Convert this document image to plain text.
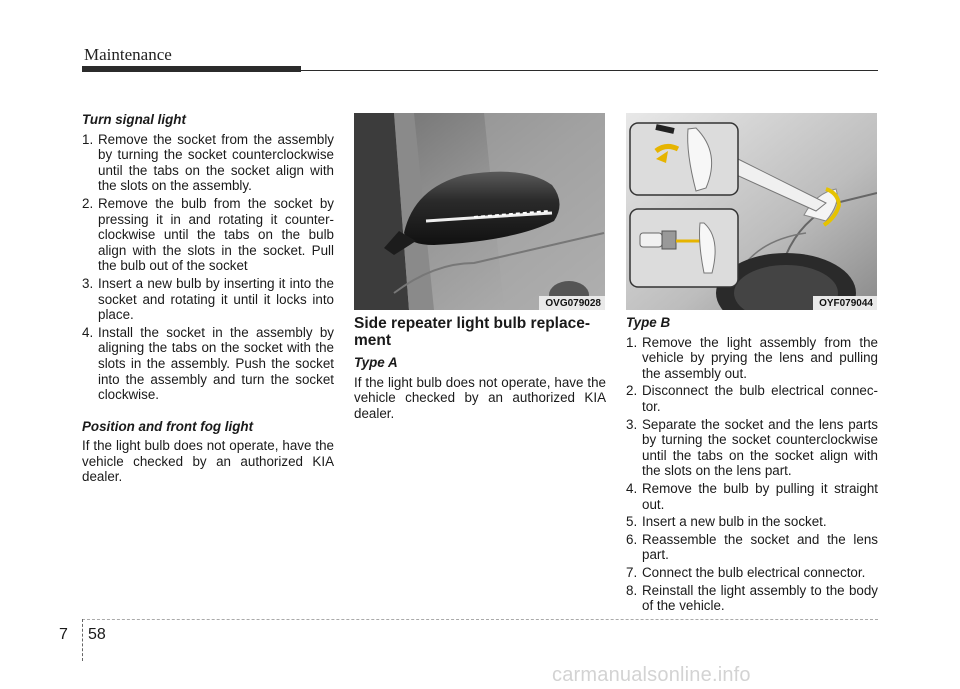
Maintenance
Turn signal light
1. Remove the socket from the assembly by turning the socket counterclockwise until the tabs on the socket align with the slots on the assembly.
2. Remove the bulb from the socket by pressing it in and rotating it counter-clockwise until the tabs on the bulb align with the slots in the socket. Pull the bulb out of the socket
3. Insert a new bulb by inserting it into the socket and rotating it until it locks into place.
4. Install the socket in the assembly by aligning the tabs on the socket with the slots in the assembly. Push the socket into the assembly and turn the socket clockwise.
Position and front fog light
If the light bulb does not operate, have the vehicle checked by an authorized KIA dealer.
OVG079028	OYF079044
Side repeater light bulb replace-ment
Type A
If the light bulb does not operate, have the vehicle checked by an authorized KIA dealer.
Type B
1. Remove the light assembly from the vehicle by prying the lens and pulling the assembly out.
2. Disconnect the bulb electrical connec-tor.
3. Separate the socket and the lens parts by turning the socket counterclockwise until the tabs on the socket align with the slots on the lens part.
4. Remove the bulb by pulling it straight out.
5. Insert a new bulb in the socket.
6. Reassemble the socket and the lens part.
7. Connect the bulb electrical connector.
8. Reinstall the light assembly to the body of the vehicle.
7 58
carmanualsonline.info
